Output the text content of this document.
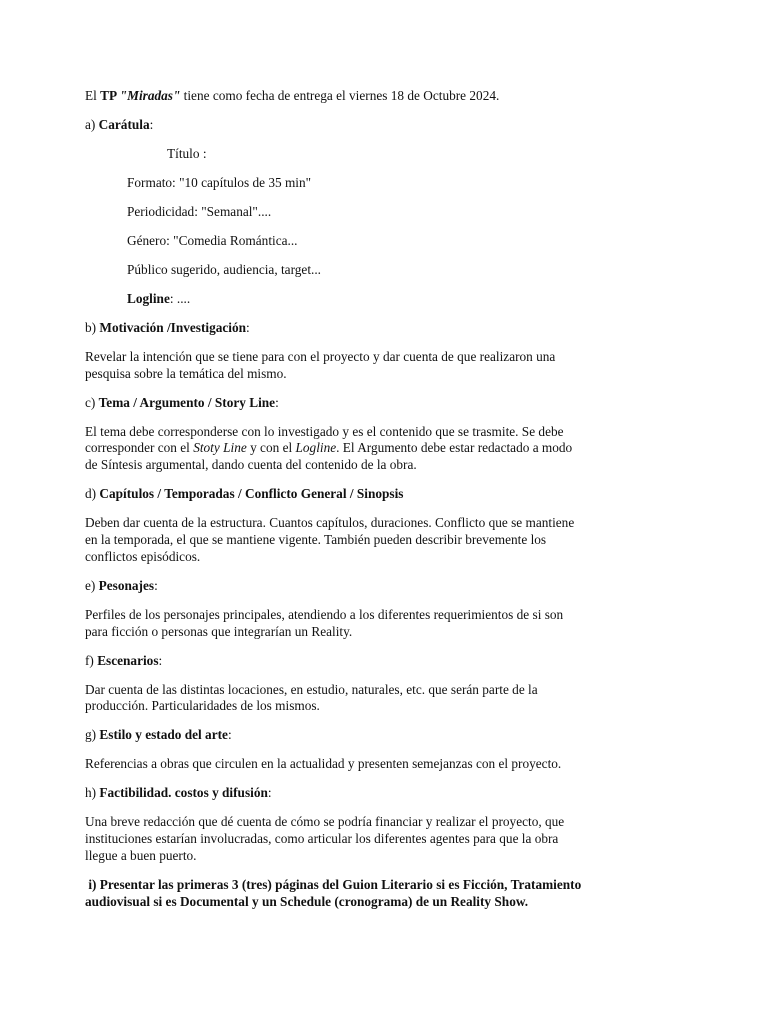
El TP "Miradas" tiene como fecha de entrega el viernes 18 de Octubre 2024.

a) Carátula:

Título :

Formato: "10 capítulos de 35 min"

Periodicidad: "Semanal"....

Género: "Comedia Romántica...

Público sugerido, audiencia, target...

Logline: ....

b) Motivación /Investigación:

Revelar la intención que se tiene para con el proyecto y dar cuenta de que realizaron una
pesquisa sobre la temática del mismo.

c) Tema / Argumento / Story Line:

El tema debe corresponderse con lo investigado y es el contenido que se trasmite. Se debe
corresponder con el Stoty Line y con el Logline. El Argumento debe estar redactado a modo
de Síntesis argumental, dando cuenta del contenido de la obra.

d) Capítulos / Temporadas / Conflicto General / Sinopsis

Deben dar cuenta de la estructura. Cuantos capítulos, duraciones. Conflicto que se mantiene
en la temporada, el que se mantiene vigente. También pueden describir brevemente los
conflictos episódicos.

e) Pesonajes:

Perfiles de los personajes principales, atendiendo a los diferentes requerimientos de si son
para ficción o personas que integrarían un Reality.

f) Escenarios:

Dar cuenta de las distintas locaciones, en estudio, naturales, etc. que serán parte de la
producción. Particularidades de los mismos.

g) Estilo y estado del arte:

Referencias a obras que circulen en la actualidad y presenten semejanzas con el proyecto.

h) Factibilidad. costos y difusión:

Una breve redacción que dé cuenta de cómo se podría financiar y realizar el proyecto, que
instituciones estarían involucradas, como articular los diferentes agentes para que la obra
llegue a buen puerto.

i) Presentar las primeras 3 (tres) páginas del Guion Literario si es Ficción, Tratamiento
audiovisual si es Documental y un Schedule (cronograma) de un Reality Show.
